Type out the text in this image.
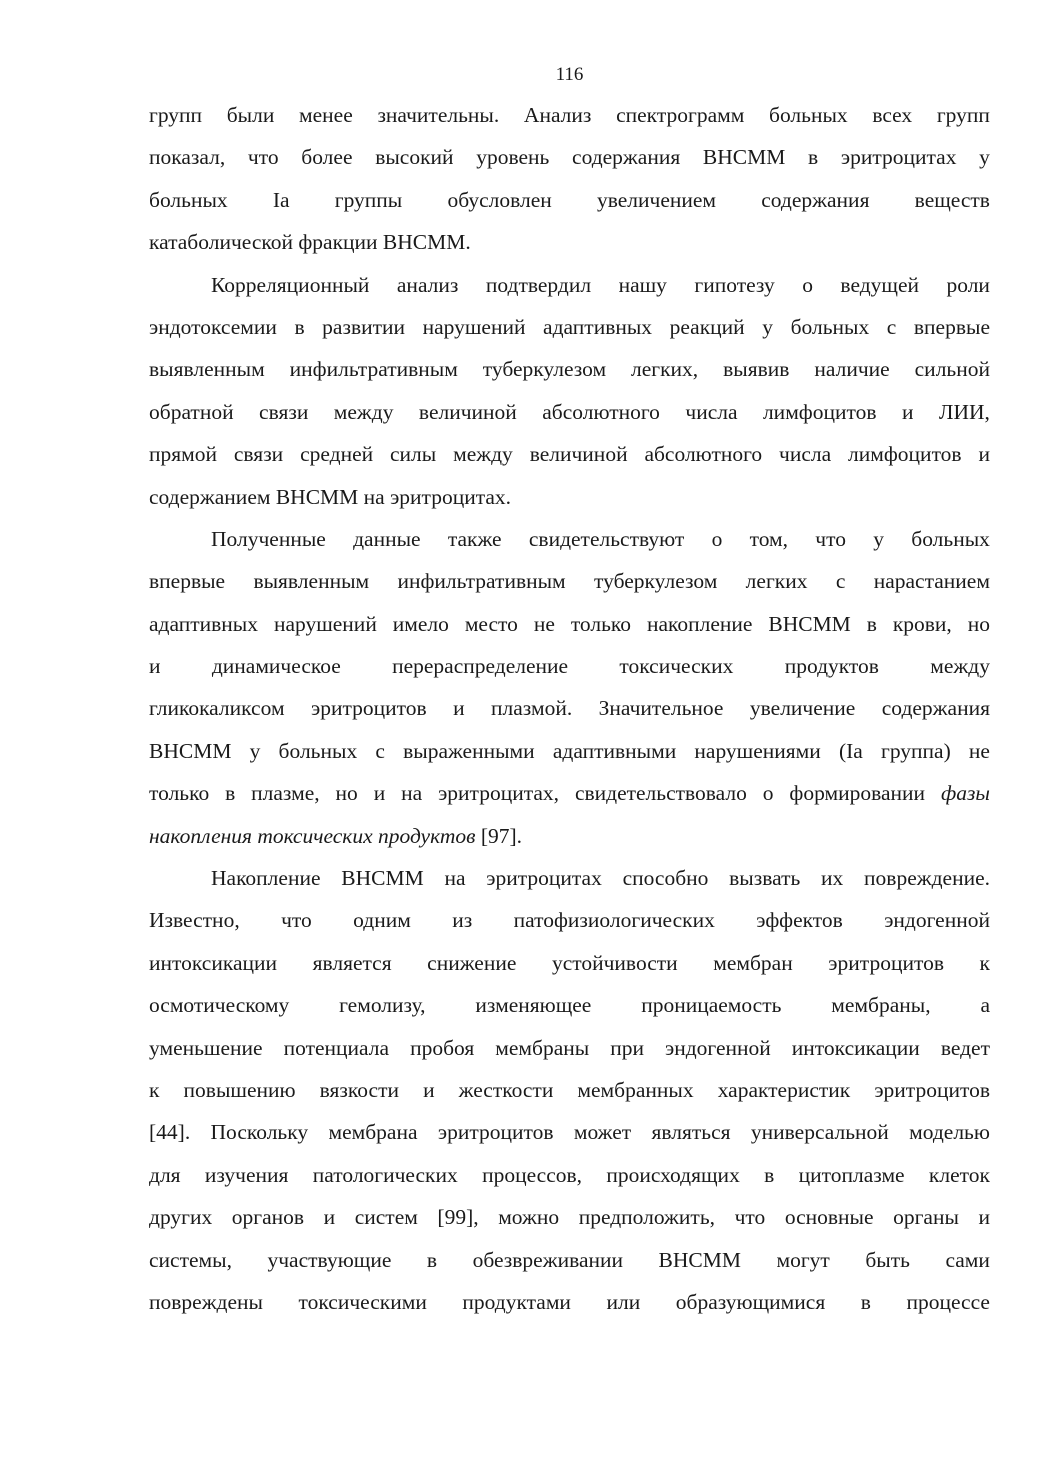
116
групп были менее значительны. Анализ спектрограмм больных всех групп
показал, что более высокий уровень содержания ВНСММ в эритроцитах у
больных Ia группы обусловлен увеличением содержания веществ
катаболической фракции ВНСММ.
Корреляционный анализ подтвердил нашу гипотезу о ведущей роли
эндотоксемии в развитии нарушений адаптивных реакций у больных с впервые
выявленным инфильтративным туберкулезом легких, выявив наличие сильной
обратной связи между величиной абсолютного числа лимфоцитов и ЛИИ,
прямой связи средней силы между величиной абсолютного числа лимфоцитов и
содержанием ВНСММ на эритроцитах.
Полученные данные также свидетельствуют о том, что у больных
впервые выявленным инфильтративным туберкулезом легких с нарастанием
адаптивных нарушений имело место не только накопление ВНСММ в крови, но
и динамическое перераспределение токсических продуктов между
гликокаликсом эритроцитов и плазмой. Значительное увеличение содержания
ВНСММ у больных с выраженными адаптивными нарушениями (Ia группа) не
только в плазме, но и на эритроцитах, свидетельствовало о формировании фазы
накопления токсических продуктов [97].
Накопление ВНСММ на эритроцитах способно вызвать их повреждение.
Известно, что одним из патофизиологических эффектов эндогенной
интоксикации является снижение устойчивости мембран эритроцитов к
осмотическому гемолизу, изменяющее проницаемость мембраны, а
уменьшение потенциала пробоя мембраны при эндогенной интоксикации ведет
к повышению вязкости и жесткости мембранных характеристик эритроцитов
[44]. Поскольку мембрана эритроцитов может являться универсальной моделью
для изучения патологических процессов, происходящих в цитоплазме клеток
других органов и систем [99], можно предположить, что основные органы и
системы, участвующие в обезвреживании ВНСММ могут быть сами
повреждены токсическими продуктами или образующимися в процессе
